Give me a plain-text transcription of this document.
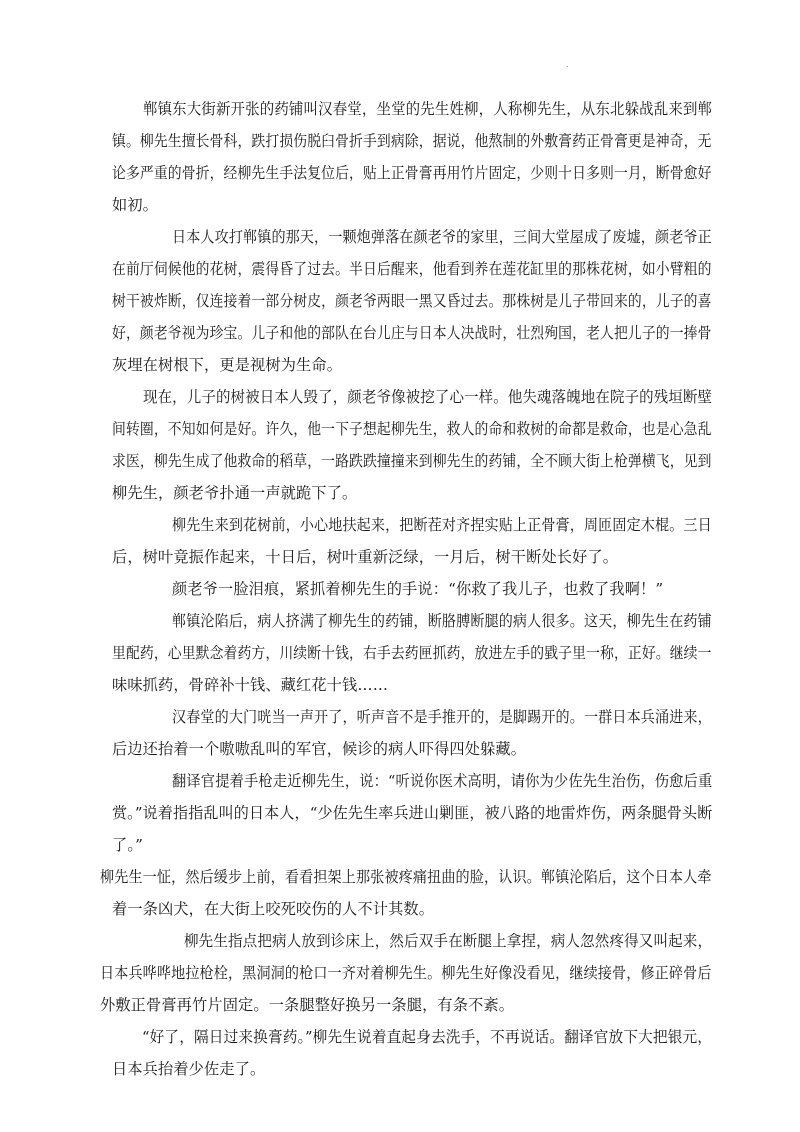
.
郸镇东大街新开张的药铺叫汉春堂，坐堂的先生姓柳，人称柳先生，从东北躲战乱来到郸
镇。柳先生擅长骨科，跌打损伤脱臼骨折手到病除，据说，他熬制的外敷膏药正骨膏更是神奇，无
论多严重的骨折，经柳先生手法复位后，贴上正骨膏再用竹片固定，少则十日多则一月，断骨愈好
如初。
日本人攻打郸镇的那天，一颗炮弹落在颜老爷的家里，三间大堂屋成了废墟，颜老爷正
在前厅伺候他的花树，震得昏了过去。半日后醒来，他看到养在莲花缸里的那株花树，如小臂粗的
树干被炸断，仅连接着一部分树皮，颜老爷两眼一黑又昏过去。那株树是儿子带回来的，儿子的喜
好，颜老爷视为珍宝。儿子和他的部队在台儿庄与日本人决战时，壮烈殉国，老人把儿子的一捧骨
灰埋在树根下，更是视树为生命。
现在，儿子的树被日本人毁了，颜老爷像被挖了心一样。他失魂落魄地在院子的残垣断壁
间转圈，不知如何是好。许久，他一下子想起柳先生，救人的命和救树的命都是救命，也是心急乱
求医，柳先生成了他救命的稻草，一路跌跌撞撞来到柳先生的药铺，全不顾大街上枪弹横飞，见到
柳先生，颜老爷扑通一声就跪下了。
柳先生来到花树前，小心地扶起来，把断茬对齐捏实贴上正骨膏，周匝固定木棍。三日
后，树叶竟振作起来，十日后，树叶重新泛绿，一月后，树干断处长好了。
颜老爷一脸泪痕，紧抓着柳先生的手说：“你救了我儿子，也救了我啊！”
郸镇沦陷后，病人挤满了柳先生的药铺，断胳膊断腿的病人很多。这天，柳先生在药铺
里配药，心里默念着药方，川续断十钱，右手去药匣抓药，放进左手的戥子里一称，正好。继续一
味味抓药，骨碎补十钱、藏红花十钱……
汉春堂的大门咣当一声开了，听声音不是手推开的，是脚踢开的。一群日本兵涌进来，
后边还抬着一个嗷嗷乱叫的军官，候诊的病人吓得四处躲藏。
翻译官提着手枪走近柳先生，说：“听说你医术高明，请你为少佐先生治伤，伤愈后重
赏。”说着指指乱叫的日本人，“少佐先生率兵进山剿匪，被八路的地雷炸伤，两条腿骨头断
了。”
柳先生一怔，然后缓步上前，看看担架上那张被疼痛扭曲的脸，认识。郸镇沦陷后，这个日本人牵
着一条凶犬，在大街上咬死咬伤的人不计其数。
柳先生指点把病人放到诊床上，然后双手在断腿上拿捏，病人忽然疼得又叫起来，
日本兵哗哗地拉枪栓，黑洞洞的枪口一齐对着柳先生。柳先生好像没看见，继续接骨，修正碎骨后
外敷正骨膏再竹片固定。一条腿整好换另一条腿，有条不紊。
“好了，隔日过来换膏药。”柳先生说着直起身去洗手，不再说话。翻译官放下大把银元，
日本兵抬着少佐走了。
